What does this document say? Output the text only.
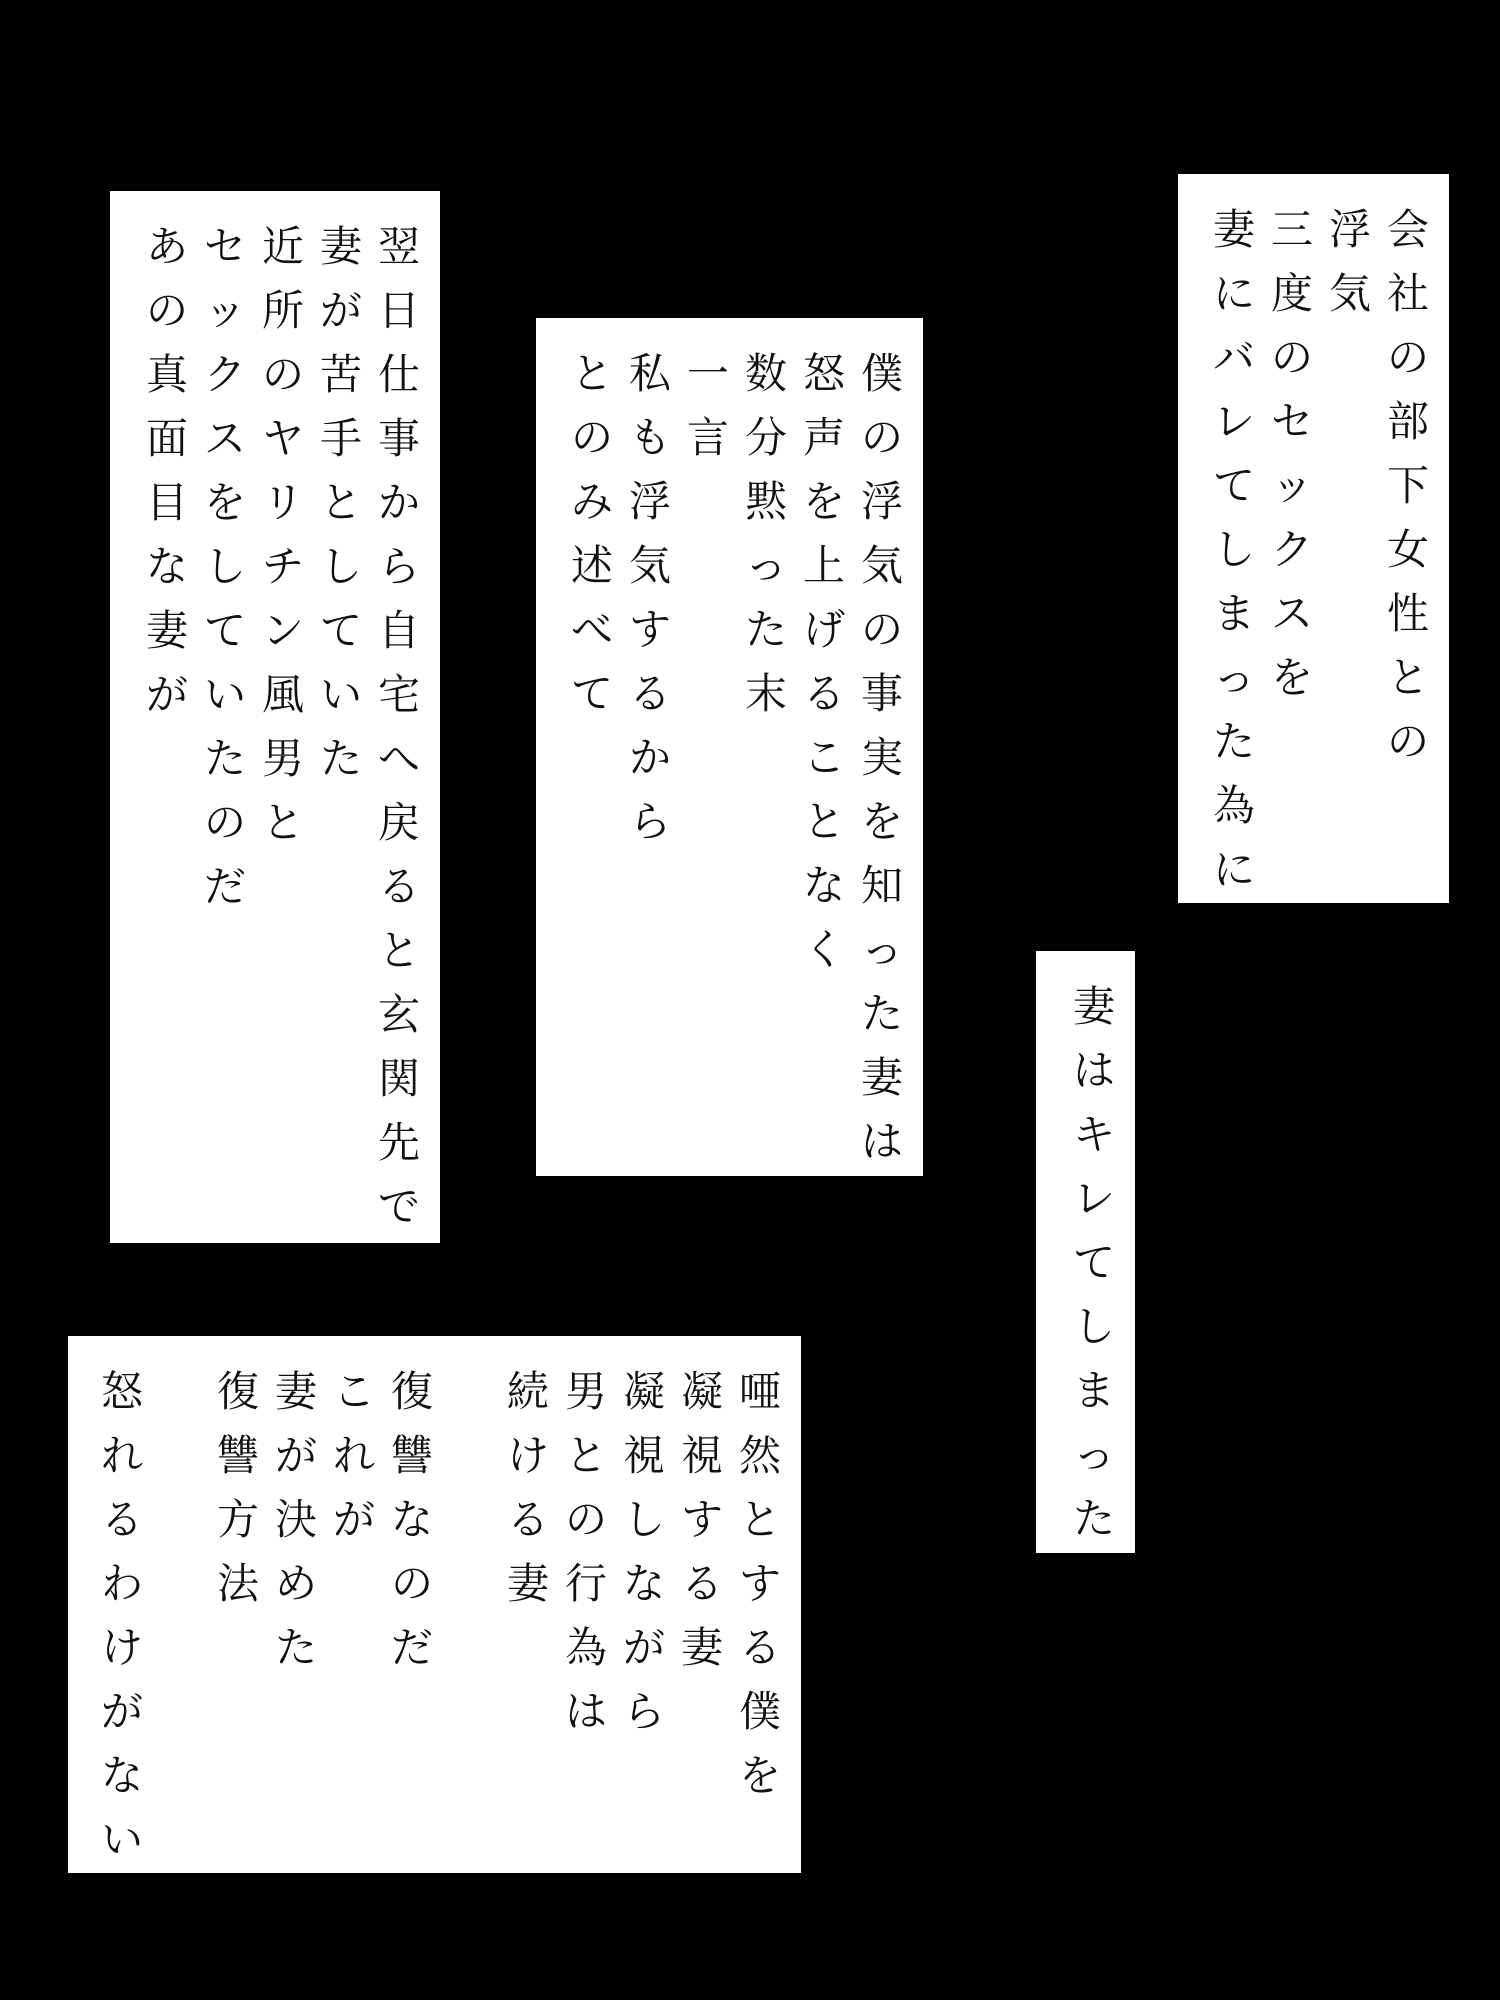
会
社
の
部
下
女
性
と
の
浮
気
三
度
の
セ
ッ
ク
ス
を
妻
に
バ
レ
て
し
ま
っ
た
為
に
僕
の
浮
気
の
事
実
を
知
っ
た
妻
は
怒
声
を
上
げ
る
こ
と
な
く
数
分
黙
っ
た
末
一
言
私
も
浮
気
す
る
か
ら
と
の
み
述
べ
て
翌
日
仕
事
か
ら
自
宅
へ
戻
る
と
玄
関
先
で
妻
が
苦
手
と
し
て
い
た
近
所
の
ヤ
リ
チ
ン
風
男
と
セ
ッ
ク
ス
を
し
て
い
た
の
だ
あ
の
真
面
目
な
妻
が
妻
は
キ
レ
て
し
ま
っ
た
唖
然
と
す
る
僕
を
凝
視
す
る
妻
凝
視
し
な
が
ら
男
と
の
行
為
は
続
け
る
妻
復
讐
な
の
だ
こ
れ
が
妻
が
決
め
た
復
讐
方
法
怒
れ
る
わ
け
が
な
い
